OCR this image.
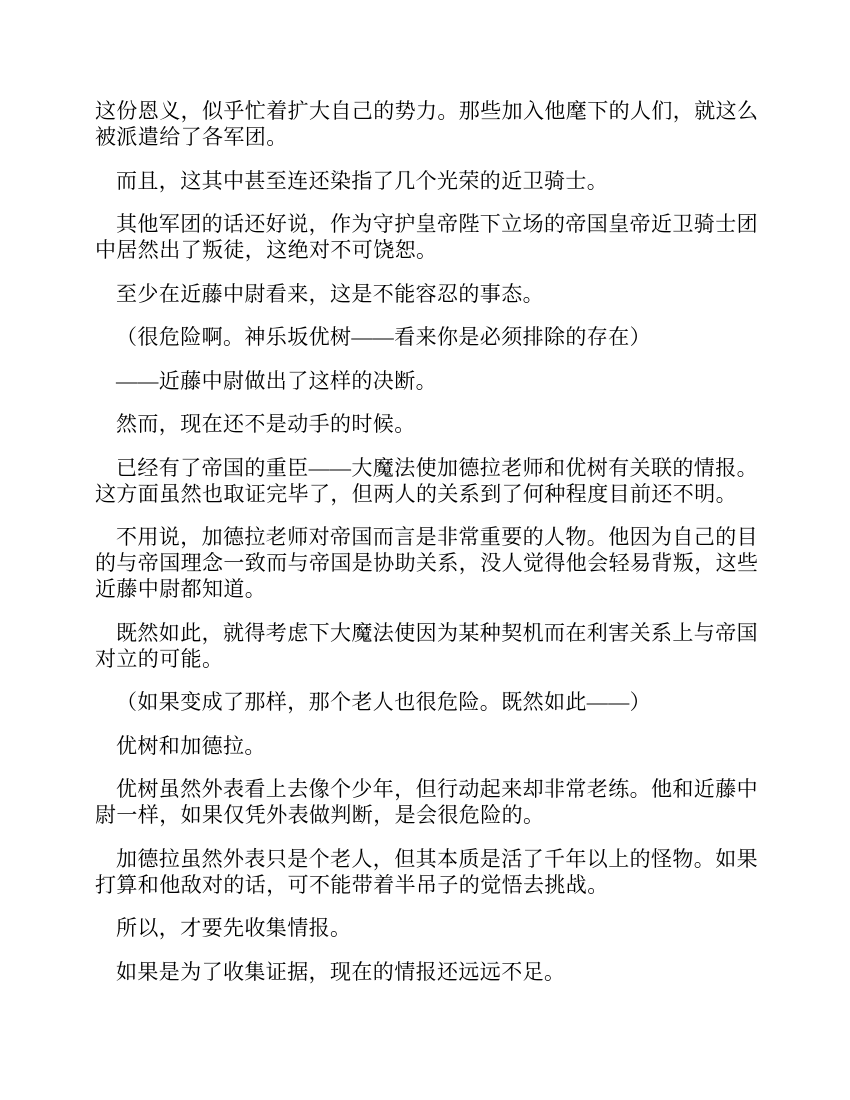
这份恩义，似乎忙着扩大自己的势力。那些加入他麾下的人们，就这么被派遣给了各军团。

而且，这其中甚至连还染指了几个光荣的近卫骑士。

其他军团的话还好说，作为守护皇帝陛下立场的帝国皇帝近卫骑士团中居然出了叛徒，这绝对不可饶恕。

至少在近藤中尉看来，这是不能容忍的事态。

（很危险啊。神乐坂优树——看来你是必须排除的存在）

——近藤中尉做出了这样的决断。

然而，现在还不是动手的时候。

已经有了帝国的重臣——大魔法使加德拉老师和优树有关联的情报。这方面虽然也取证完毕了，但两人的关系到了何种程度目前还不明。

不用说，加德拉老师对帝国而言是非常重要的人物。他因为自己的目的与帝国理念一致而与帝国是协助关系，没人觉得他会轻易背叛，这些近藤中尉都知道。

既然如此，就得考虑下大魔法使因为某种契机而在利害关系上与帝国对立的可能。

（如果变成了那样，那个老人也很危险。既然如此——）

优树和加德拉。

优树虽然外表看上去像个少年，但行动起来却非常老练。他和近藤中尉一样，如果仅凭外表做判断，是会很危险的。

加德拉虽然外表只是个老人，但其本质是活了千年以上的怪物。如果打算和他敌对的话，可不能带着半吊子的觉悟去挑战。

所以，才要先收集情报。

如果是为了收集证据，现在的情报还远远不足。
